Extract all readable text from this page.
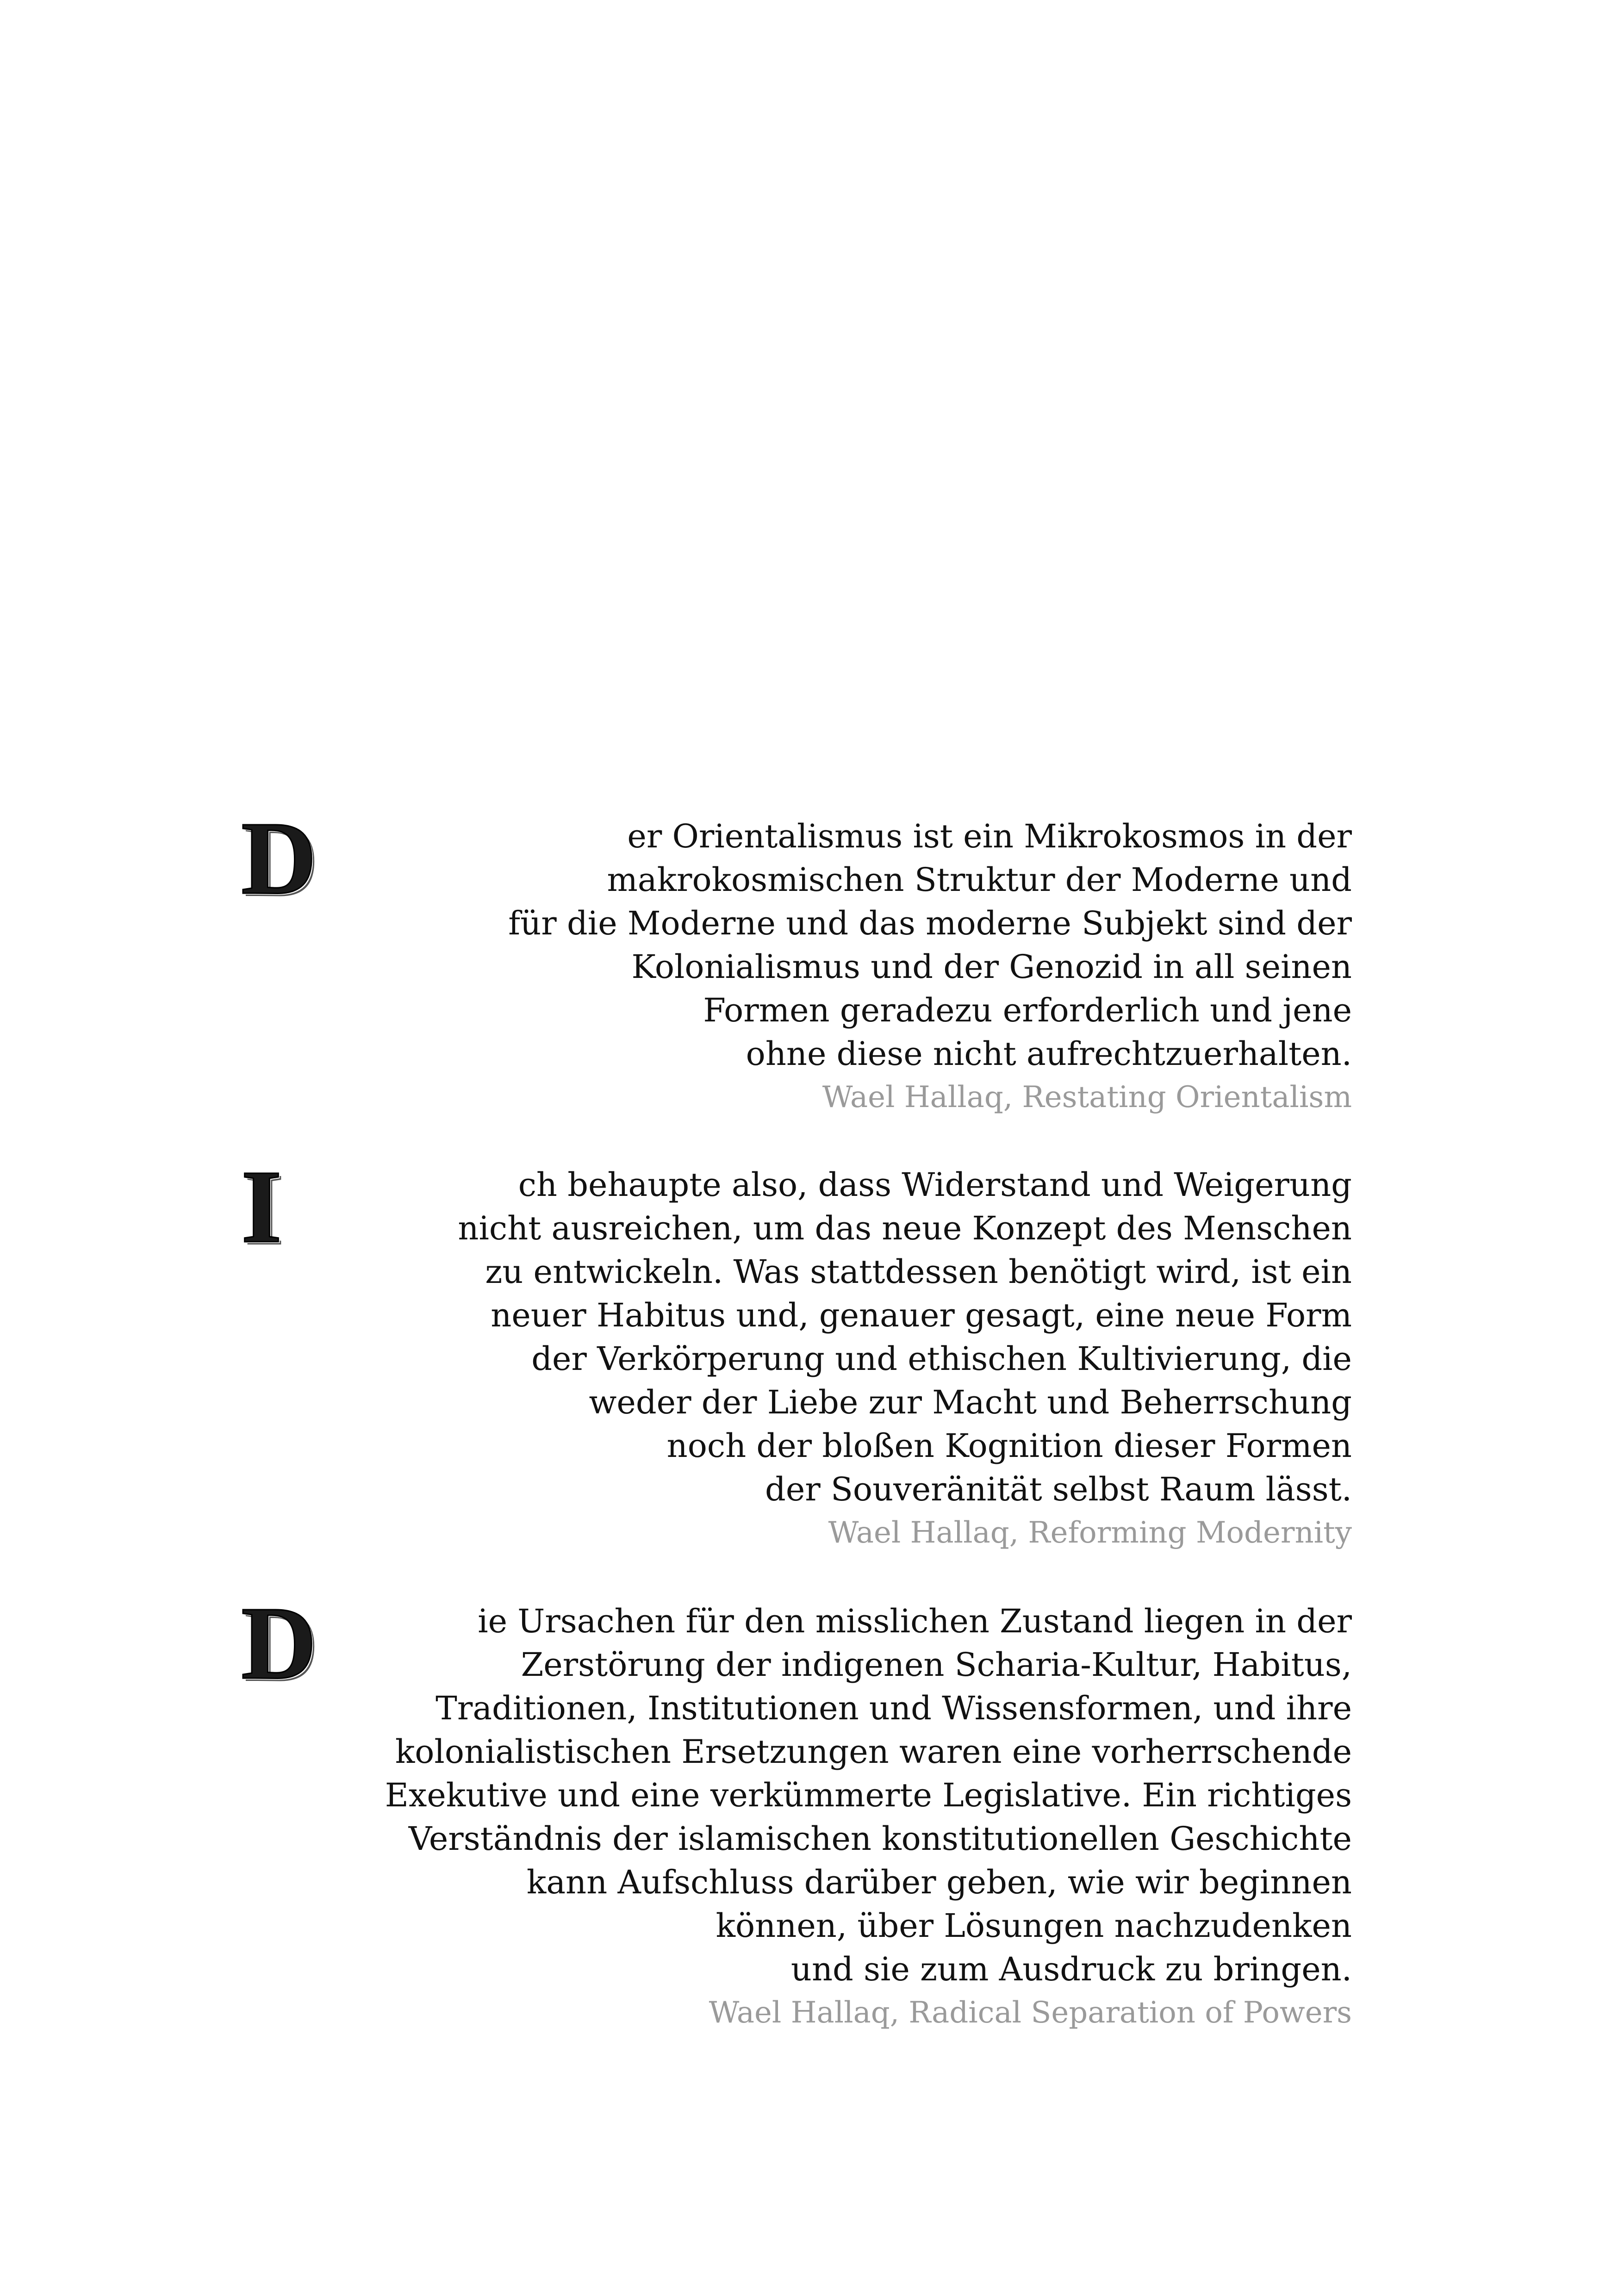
D	er Orientalismus ist ein Mikrokosmos in der
makrokosmischen Struktur der Moderne und
für die Moderne und das moderne Subjekt sind der
Kolonialismus und der Genozid in all seinen
Formen geradezu erforderlich und jene
ohne diese nicht aufrechtzuerhalten.

Wael Hallaq, Restating Orientalism

I	ch behaupte also, dass Widerstand und Weigerung
nicht ausreichen, um das neue Konzept des Menschen
zu entwickeln. Was stattdessen benötigt wird, ist ein
neuer Habitus und, genauer gesagt, eine neue Form
der Verkörperung und ethischen Kultivierung, die
weder der Liebe zur Macht und Beherrschung
noch der bloßen Kognition dieser Formen
der Souveränität selbst Raum lässt.

Wael Hallaq, Reforming Modernity

D	ie Ursachen für den misslichen Zustand liegen in der
Zerstörung der indigenen Scharia-Kultur, Habitus,
Traditionen, Institutionen und Wissensformen, und ihre
kolonialistischen Ersetzungen waren eine vorherrschende
Exekutive und eine verkümmerte Legislative. Ein richtiges
Verständnis der islamischen konstitutionellen Geschichte
kann Aufschluss darüber geben, wie wir beginnen
können, über Lösungen nachzudenken
und sie zum Ausdruck zu bringen.

Wael Hallaq, Radical Separation of Powers
